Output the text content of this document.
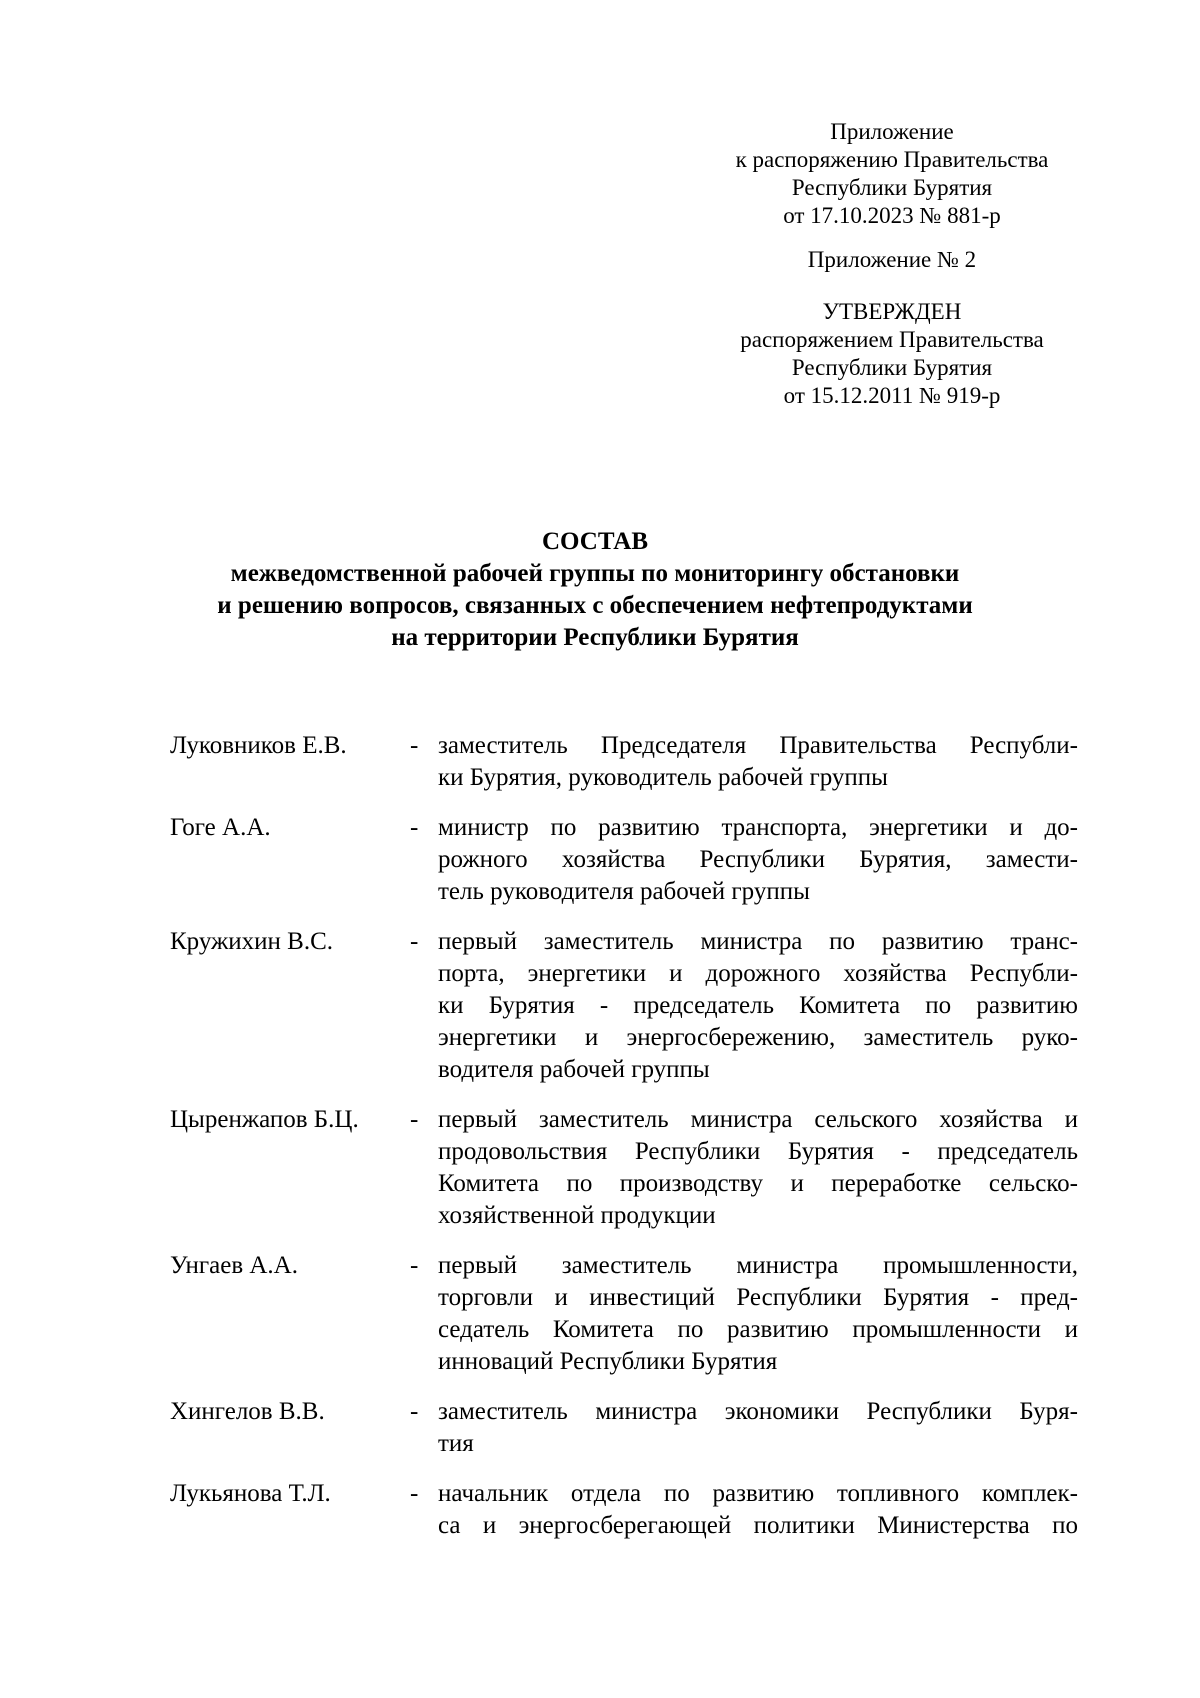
Приложение
к распоряжению Правительства
Республики Бурятия
от 17.10.2023 № 881-р
Приложение № 2
УТВЕРЖДЕН
распоряжением Правительства
Республики Бурятия
от 15.12.2011 № 919-р
СОСТАВ
межведомственной рабочей группы по мониторингу обстановки
и решению вопросов, связанных с обеспечением нефтепродуктами
на территории Республики Бурятия
Луковников Е.В.	- заместитель Председателя Правительства Республи-
ки Бурятия, руководитель рабочей группы
Гоге А.А.	- министр по развитию транспорта, энергетики и до-
рожного хозяйства Республики Бурятия, замести-
тель руководителя рабочей группы
Кружихин В.С.	- первый заместитель министра по развитию транс-
порта, энергетики и дорожного хозяйства Республи-
ки Бурятия - председатель Комитета по развитию
энергетики и энергосбережению, заместитель руко-
водителя рабочей группы
Цыренжапов Б.Ц.	- первый заместитель министра сельского хозяйства и
продовольствия Республики Бурятия - председатель
Комитета по производству и переработке сельско-
хозяйственной продукции
Унгаев А.А.	- первый заместитель министра промышленности,
торговли и инвестиций Республики Бурятия - пред-
седатель Комитета по развитию промышленности и
инноваций Республики Бурятия
Хингелов В.В.	- заместитель министра экономики Республики Буря-
тия
Лукьянова Т.Л.	- начальник отдела по развитию топливного комплек-
са и энергосберегающей политики Министерства по
